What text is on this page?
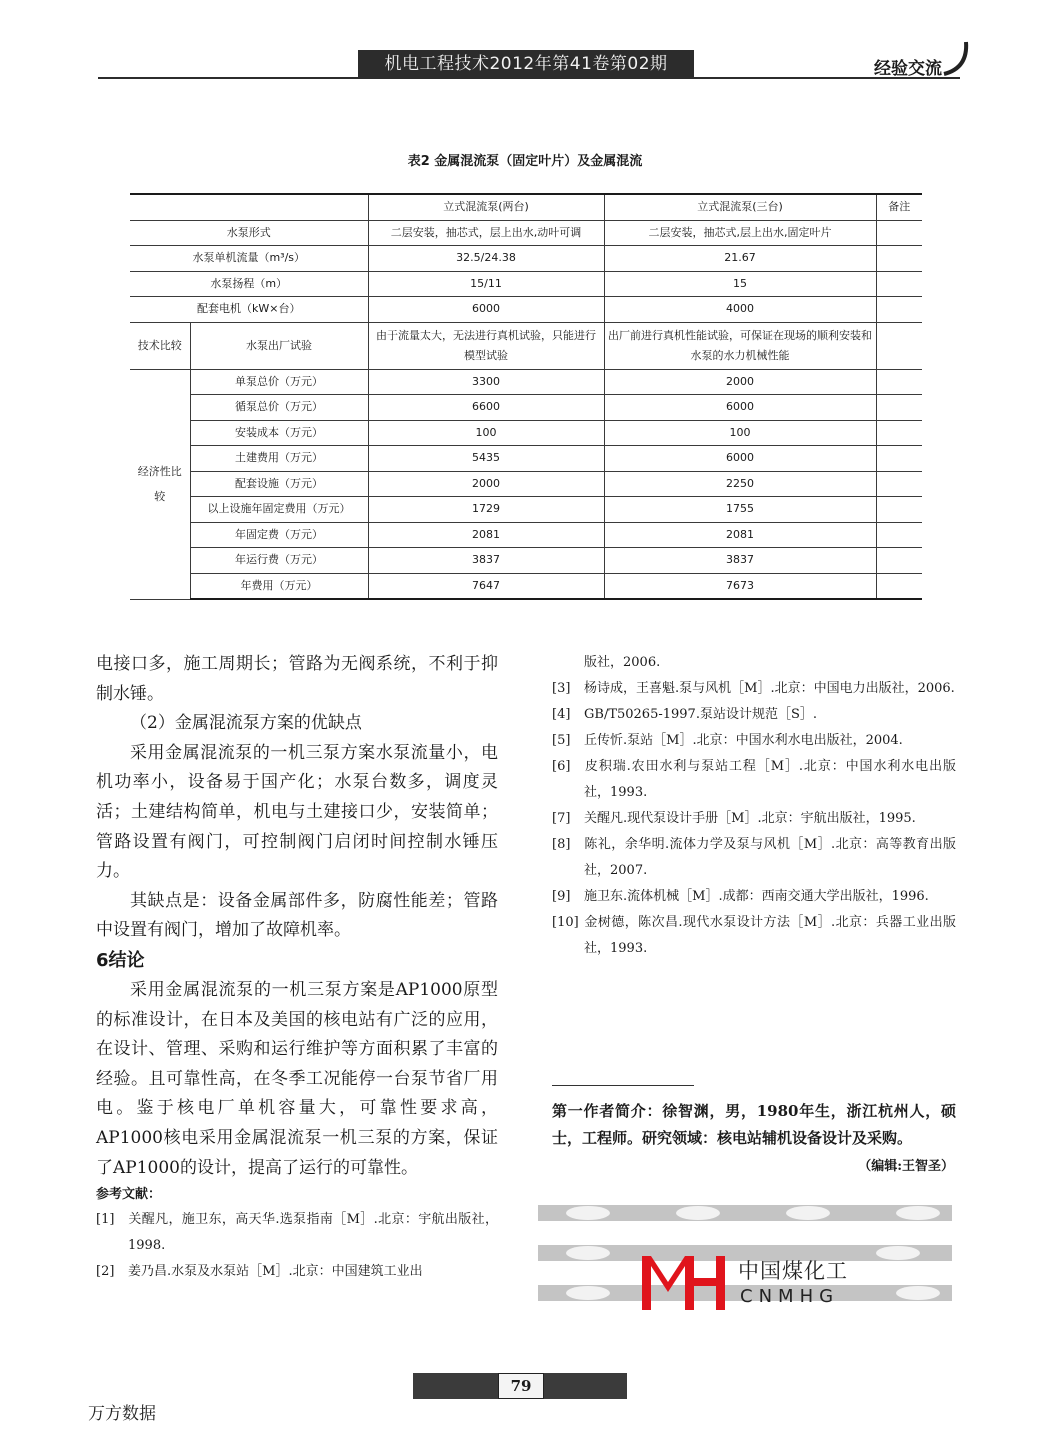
机电工程技术2012年第41卷第02期	经验交流
表2 金属混流泵（固定叶片）及金属混流
		立式混流泵(两台)	立式混流泵(三台)	备注
水泵形式		二层安装，抽芯式，层上出水,动叶可调	二层安装，抽芯式,层上出水,固定叶片	
水泵单机流量（m³/s）		32.5/24.38	21.67	
水泵扬程（m）		15/11	15	
配套电机（kW×台）		6000	4000	
技术比较	水泵出厂试验	由于流量太大，无法进行真机试验，只能进行模型试验	出厂前进行真机性能试验，可保证在现场的顺利安装和水泵的水力机械性能	
经济性比较	单泵总价（万元）	3300	2000	
	循泵总价（万元）	6600	6000	
	安装成本（万元）	100	100	
	土建费用（万元）	5435	6000	
	配套设施（万元）	2000	2250	
	以上设施年固定费用（万元）	1729	1755	
	年固定费（万元）	2081	2081	
	年运行费（万元）	3837	3837	
	年费用（万元）	7647	7673	

电接口多，施工周期长；管路为无阀系统，不利于抑制水锤。

（2）金属混流泵方案的优缺点

采用金属混流泵的一机三泵方案水泵流量小，电机功率小，设备易于国产化；水泵台数多，调度灵活；土建结构简单，机电与土建接口少，安装简单；管路设置有阀门，可控制阀门启闭时间控制水锤压力。

其缺点是：设备金属部件多，防腐性能差；管路中设置有阀门，增加了故障机率。

6结论

采用金属混流泵的一机三泵方案是AP1000原型的标准设计，在日本及美国的核电站有广泛的应用，在设计、管理、采购和运行维护等方面积累了丰富的经验。且可靠性高，在冬季工况能停一台泵节省厂用电。鉴于核电厂单机容量大，可靠性要求高，AP1000核电采用金属混流泵一机三泵的方案，保证了AP1000的设计，提高了运行的可靠性。

参考文献：
[1] 关醒凡，施卫东，高天华.选泵指南［M］.北京：宇航出版社，1998.
[2] 姜乃昌.水泵及水泵站［M］.北京：中国建筑工业出
版社，2006.
[3] 杨诗成，王喜魁.泵与风机［M］.北京：中国电力出版社，2006.
[4] GB/T50265-1997.泵站设计规范［S］.
[5] 丘传忻.泵站［M］.北京：中国水利水电出版社，2004.
[6] 皮积瑞.农田水利与泵站工程［M］.北京：中国水利水电出版社，1993.
[7] 关醒凡.现代泵设计手册［M］.北京：宇航出版社，1995.
[8] 陈礼，余华明.流体力学及泵与风机［M］.北京：高等教育出版社，2007.
[9] 施卫东.流体机械［M］.成都：西南交通大学出版社，1996.
[10] 金树德，陈次昌.现代水泵设计方法［M］.北京：兵器工业出版社，1993.
第一作者简介：徐智渊，男，1980年生，浙江杭州人，硕士，工程师。研究领域：核电站辅机设备设计及采购。
（编辑:王智圣）
中国煤化工
CNMHG
79
万方数据
